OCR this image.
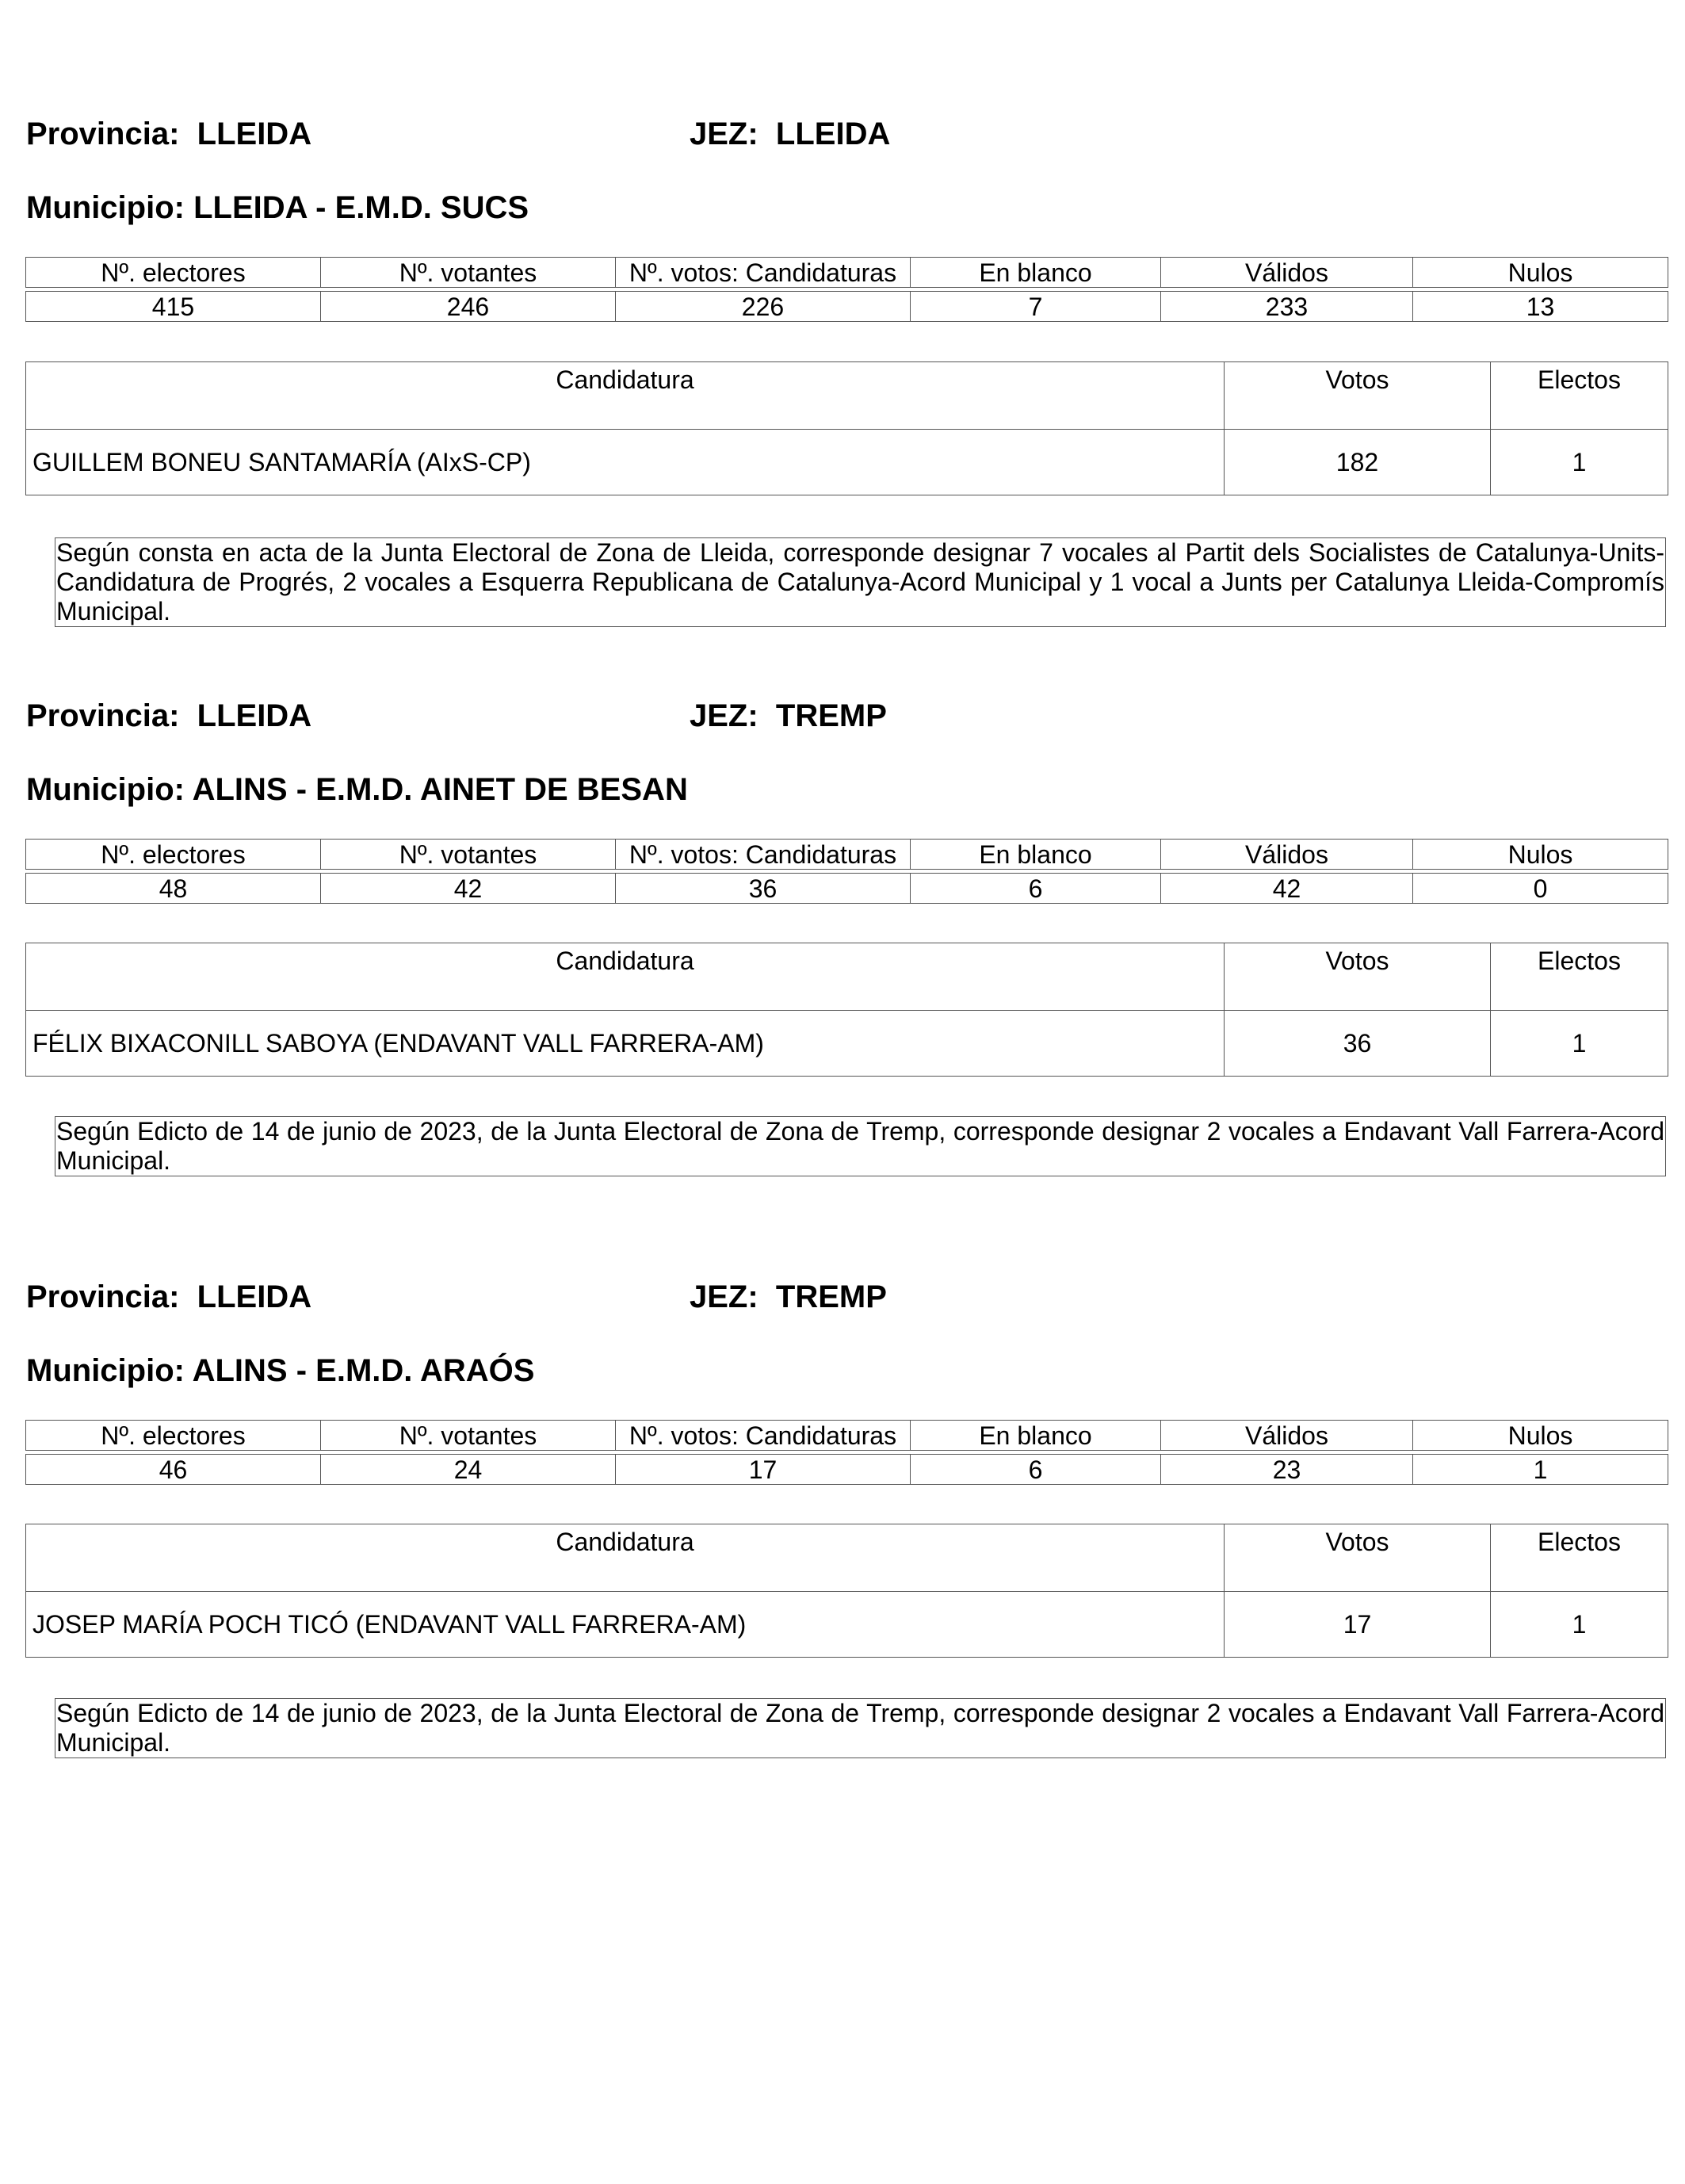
Provincia: LLEIDA	JEZ: LLEIDA
Municipio: LLEIDA - E.M.D. SUCS
Nº. electores	Nº. votantes	Nº. votos: Candidaturas	En blanco	Válidos	Nulos

415	246	226	7	233	13
Candidatura	Votos	Electos
GUILLEM BONEU SANTAMARÍA (AIxS-CP)	182	1
Según consta en acta de la Junta Electoral de Zona de Lleida, corresponde designar 7 vocales al Partit dels Socialistes de Catalunya-Units-Candidatura de Progrés, 2 vocales a Esquerra Republicana de Catalunya-Acord Municipal y 1 vocal a Junts per Catalunya Lleida-Compromís Municipal.
Provincia: LLEIDA	JEZ: TREMP
Municipio: ALINS - E.M.D. AINET DE BESAN
Nº. electores	Nº. votantes	Nº. votos: Candidaturas	En blanco	Válidos	Nulos

48	42	36	6	42	0
Candidatura	Votos	Electos
FÉLIX BIXACONILL SABOYA (ENDAVANT VALL FARRERA-AM)	36	1
Según Edicto de 14 de junio de 2023, de la Junta Electoral de Zona de Tremp, corresponde designar 2 vocales a Endavant Vall Farrera-Acord Municipal.
Provincia: LLEIDA	JEZ: TREMP
Municipio: ALINS - E.M.D. ARAÓS
Nº. electores	Nº. votantes	Nº. votos: Candidaturas	En blanco	Válidos	Nulos

46	24	17	6	23	1
Candidatura	Votos	Electos
JOSEP MARÍA POCH TICÓ (ENDAVANT VALL FARRERA-AM)	17	1
Según Edicto de 14 de junio de 2023, de la Junta Electoral de Zona de Tremp, corresponde designar 2 vocales a Endavant Vall Farrera-Acord Municipal.
